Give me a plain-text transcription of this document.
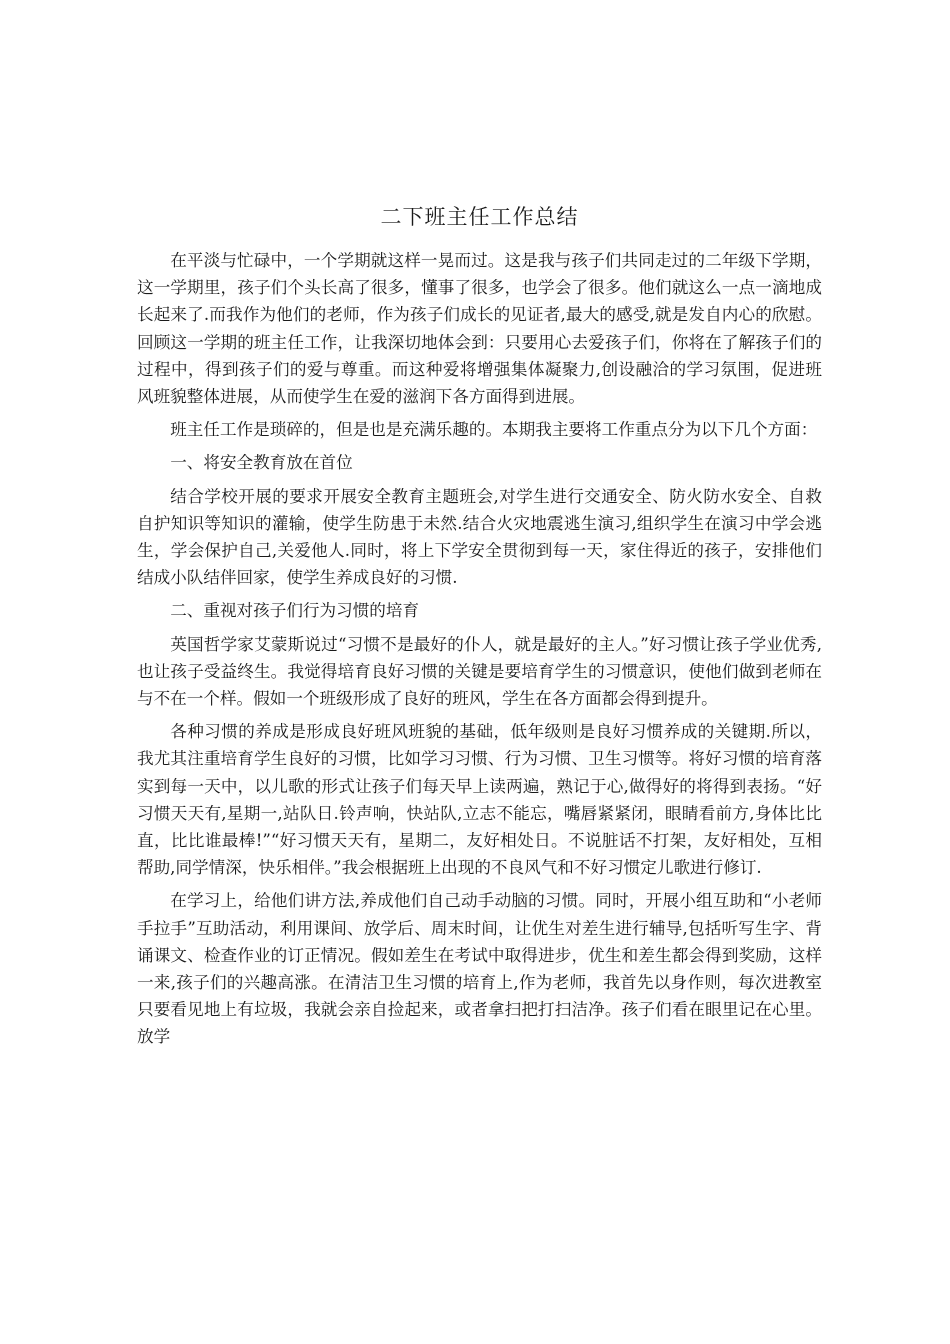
二下班主任工作总结

在平淡与忙碌中，一个学期就这样一晃而过。这是我与孩子们共同走过的二年级下学期，这一学期里，孩子们个头长高了很多，懂事了很多，也学会了很多。他们就这么一点一滴地成长起来了.而我作为他们的老师，作为孩子们成长的见证者,最大的感受,就是发自内心的欣慰。回顾这一学期的班主任工作，让我深切地体会到：只要用心去爱孩子们，你将在了解孩子们的过程中，得到孩子们的爱与尊重。而这种爱将增强集体凝聚力,创设融洽的学习氛围，促进班风班貌整体进展，从而使学生在爱的滋润下各方面得到进展。

班主任工作是琐碎的，但是也是充满乐趣的。本期我主要将工作重点分为以下几个方面：

一、将安全教育放在首位

结合学校开展的要求开展安全教育主题班会,对学生进行交通安全、防火防水安全、自救自护知识等知识的灌输，使学生防患于未然.结合火灾地震逃生演习,组织学生在演习中学会逃生，学会保护自己,关爱他人.同时，将上下学安全贯彻到每一天，家住得近的孩子，安排他们结成小队结伴回家，使学生养成良好的习惯.

二、重视对孩子们行为习惯的培育

英国哲学家艾蒙斯说过“习惯不是最好的仆人，就是最好的主人。”好习惯让孩子学业优秀,也让孩子受益终生。我觉得培育良好习惯的关键是要培育学生的习惯意识，使他们做到老师在与不在一个样。假如一个班级形成了良好的班风，学生在各方面都会得到提升。

各种习惯的养成是形成良好班风班貌的基础，低年级则是良好习惯养成的关键期.所以，我尤其注重培育学生良好的习惯，比如学习习惯、行为习惯、卫生习惯等。将好习惯的培育落实到每一天中，以儿歌的形式让孩子们每天早上读两遍，熟记于心,做得好的将得到表扬。“好习惯天天有,星期一,站队日.铃声响，快站队,立志不能忘，嘴唇紧紧闭，眼睛看前方,身体比比直，比比谁最棒!”“好习惯天天有，星期二，友好相处日。不说脏话不打架，友好相处，互相帮助,同学情深，快乐相伴。”我会根据班上出现的不良风气和不好习惯定儿歌进行修订.

在学习上，给他们讲方法,养成他们自己动手动脑的习惯。同时，开展小组互助和“小老师手拉手”互助活动，利用课间、放学后、周末时间，让优生对差生进行辅导,包括听写生字、背诵课文、检查作业的订正情况。假如差生在考试中取得进步，优生和差生都会得到奖励，这样一来,孩子们的兴趣高涨。在清洁卫生习惯的培育上,作为老师，我首先以身作则，每次进教室只要看见地上有垃圾，我就会亲自捡起来，或者拿扫把打扫洁净。孩子们看在眼里记在心里。放学
